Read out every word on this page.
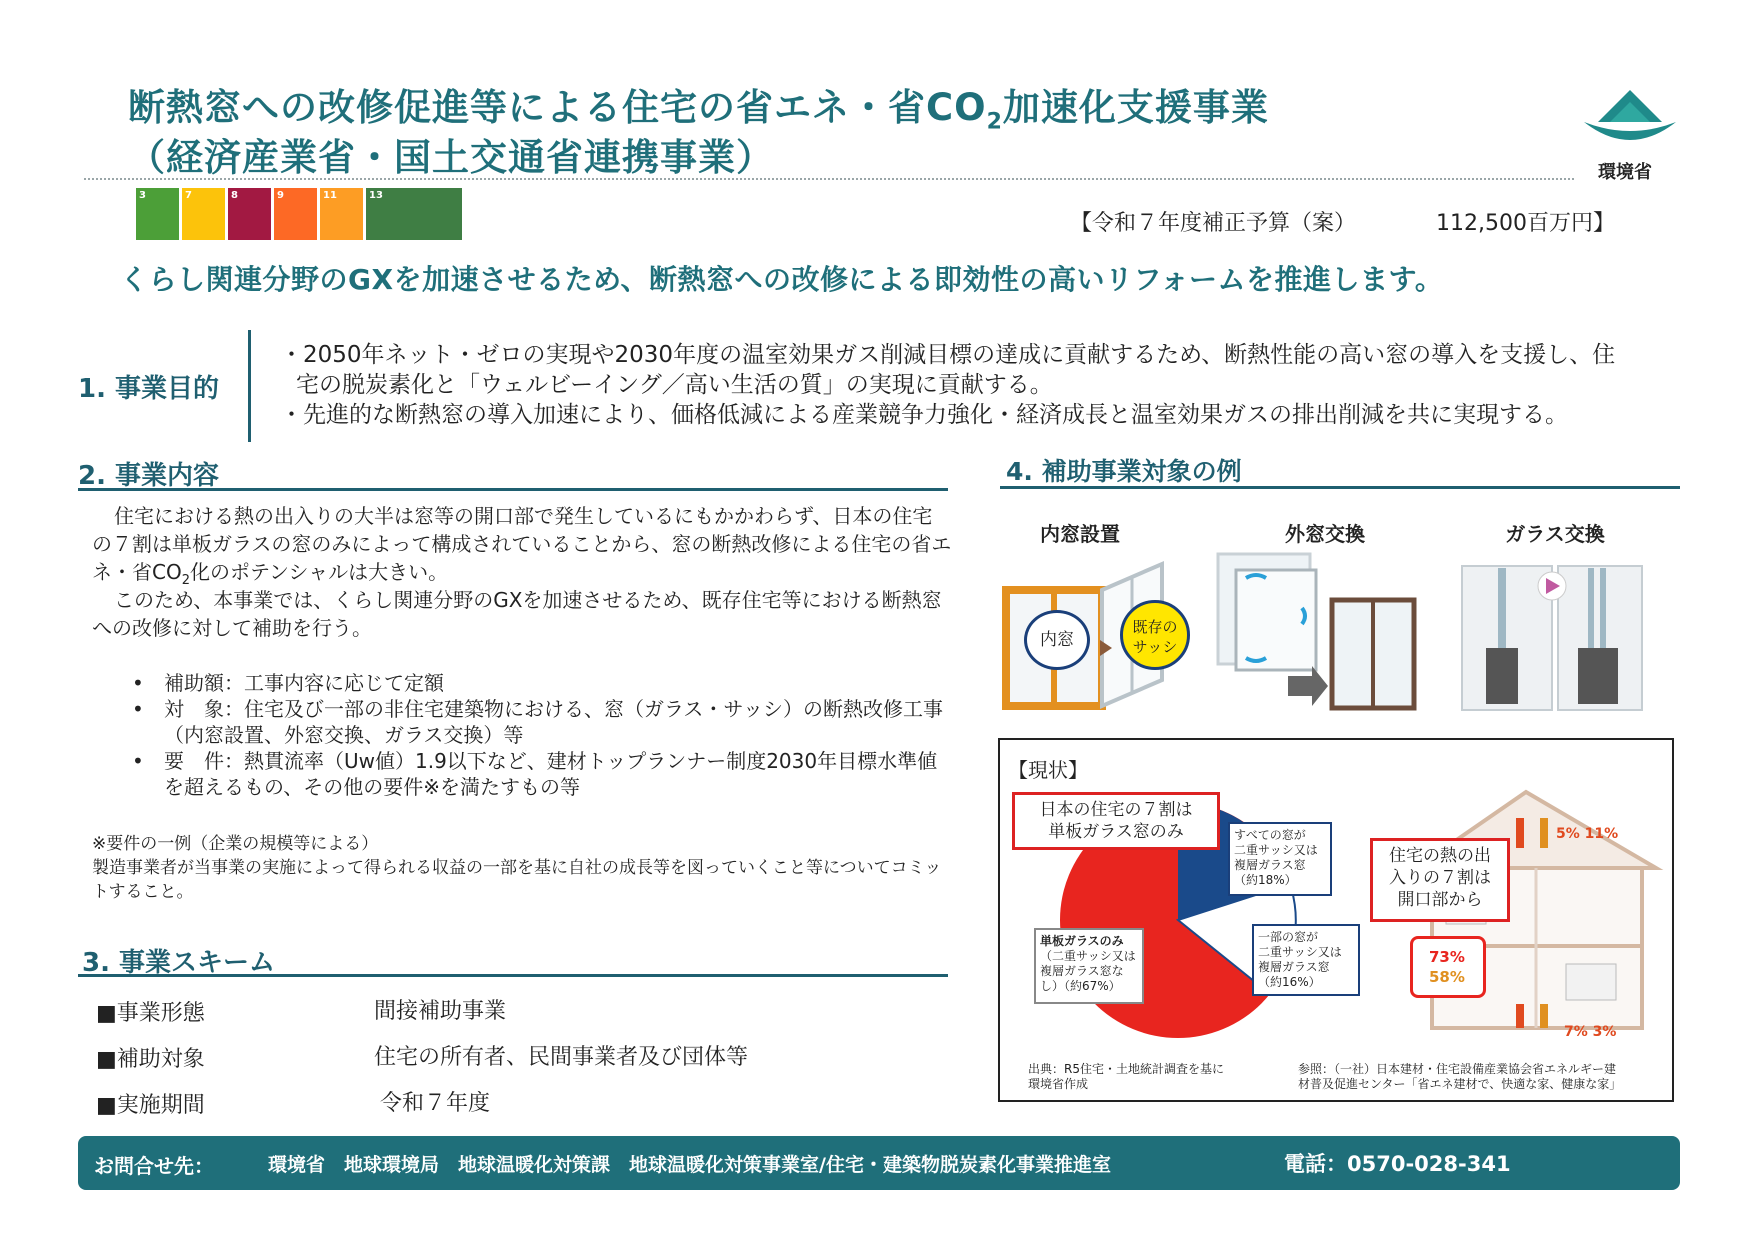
断熱窓への改修促進等による住宅の省エネ・省$CO_2$加速化支援事業
（経済産業省・国土交通省連携事業）	環境省
3	7	8	9	11	13
【令和７年度補正予算（案）	112,500百万円】
くらし関連分野のGXを加速させるため、断熱窓への改修による即効性の高いリフォームを推進します。
1. 事業目的
・2050年ネット・ゼロの実現や2030年度の温室効果ガス削減目標の達成に貢献するため、断熱性能の高い窓の導入を支援し、住宅の脱炭素化と「ウェルビーイング／高い生活の質」の実現に貢献する。
・先進的な断熱窓の導入加速により、価格低減による産業競争力強化・経済成長と温室効果ガスの排出削減を共に実現する。
2. 事業内容
住宅における熱の出入りの大半は窓等の開口部で発生しているにもかかわらず、日本の住宅の７割は単板ガラスの窓のみによって構成されていることから、窓の断熱改修による住宅の省エネ・省$CO_2$化のポテンシャルは大きい。
このため、本事業では、くらし関連分野のGXを加速させるため、既存住宅等における断熱窓への改修に対して補助を行う。
•	補助額：工事内容に応じて定額
•	対　象：住宅及び一部の非住宅建築物における、窓（ガラス・サッシ）の断熱改修工事（内窓設置、外窓交換、ガラス交換）等
•	要　件：熱貫流率（Uw値）1.9以下など、建材トップランナー制度2030年目標水準値を超えるもの、その他の要件※を満たすもの等
※要件の一例（企業の規模等による）
製造事業者が当事業の実施によって得られる収益の一部を基に自社の成長等を図っていくこと等についてコミットすること。
3. 事業スキーム
■事業形態	間接補助事業
■補助対象	住宅の所有者、民間事業者及び団体等
■実施期間	令和７年度
4. 補助事業対象の例
内窓設置	外窓交換	ガラス交換
内窓
既存の
サッシ
【現状】
日本の住宅の７割は
単板ガラス窓のみ	すべての窓が
二重サッシ又は
複層ガラス窓
（約18%）
一部の窓が
二重サッシ又は
複層ガラス窓
（約16%）
単板ガラスのみ
（二重サッシ又は
複層ガラス窓な
し）（約67%）
5% 11%
7% 3%
73%
58%
住宅の熱の出
入りの７割は
開口部から
出典：R5住宅・土地統計調査を基に
環境省作成
参照：（一社）日本建材・住宅設備産業協会省エネルギー建
材普及促進センター「省エネ建材で、快適な家、健康な家」
お問合せ先：	環境省　地球環境局　地球温暖化対策課　地球温暖化対策事業室/住宅・建築物脱炭素化事業推進室	電話：0570-028-341
